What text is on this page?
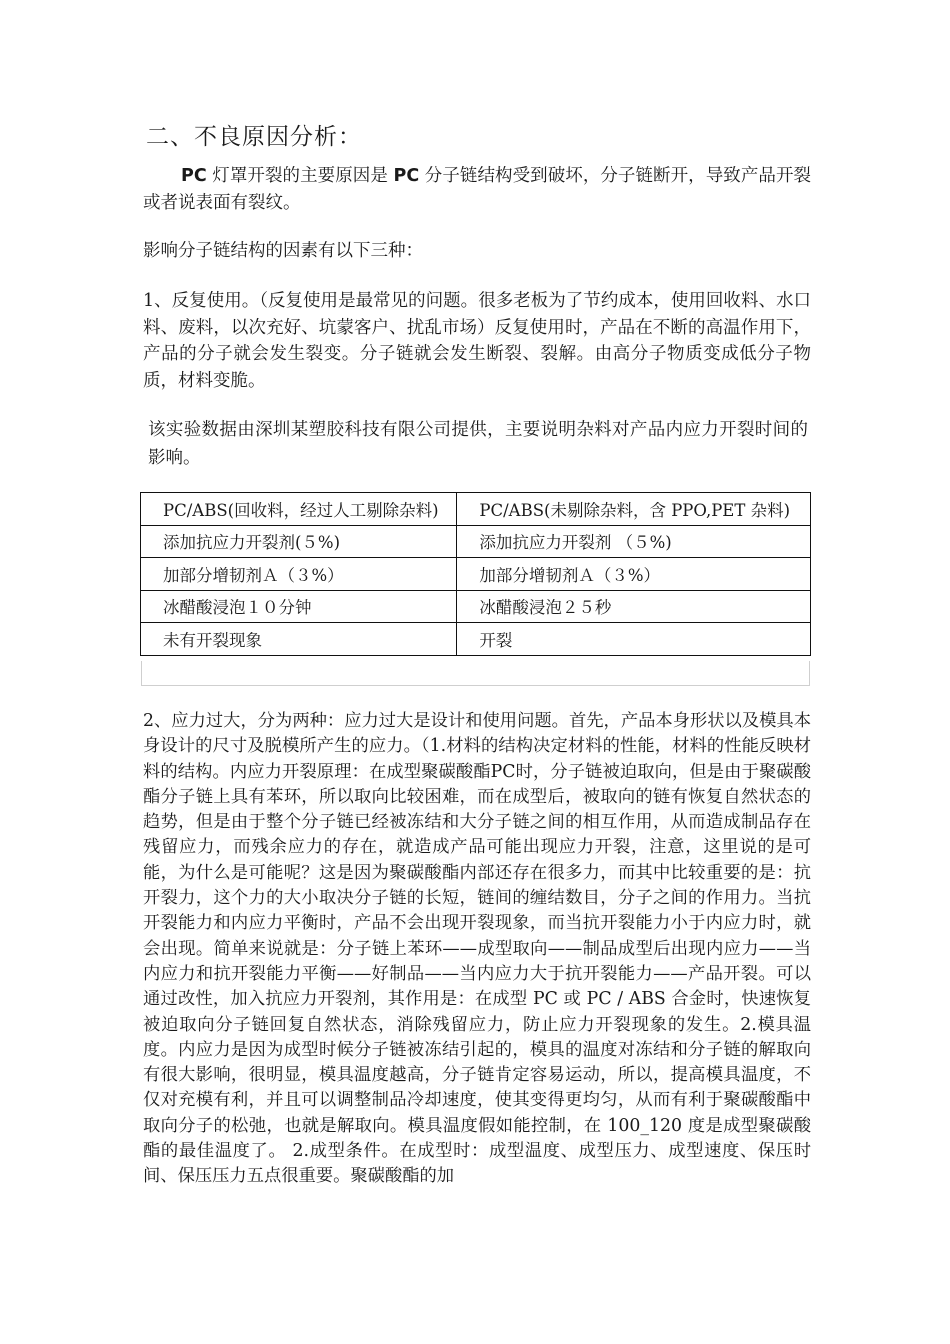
二、不良原因分析：
PC 灯罩开裂的主要原因是 PC 分子链结构受到破坏，分子链断开，导致产品开裂或者说表面有裂纹。
影响分子链结构的因素有以下三种：
1、反复使用。（反复使用是最常见的问题。很多老板为了节约成本，使用回收料、水口料、废料，以次充好、坑蒙客户、扰乱市场）反复使用时，产品在不断的高温作用下，产品的分子就会发生裂变。分子链就会发生断裂、裂解。由高分子物质变成低分子物质，材料变脆。
该实验数据由深圳某塑胶科技有限公司提供，主要说明杂料对产品内应力开裂时间的影响。
PC/ABS(回收料，经过人工剔除杂料)	PC/ABS(未剔除杂料，含 PPO,PET 杂料)
添加抗应力开裂剂(５%)	添加抗应力开裂剂 （５%)
加部分增韧剂Ａ（３%）	加部分增韧剂Ａ（３%）
冰醋酸浸泡１０分钟	冰醋酸浸泡２５秒
未有开裂现象	开裂
2、应力过大，分为两种：应力过大是设计和使用问题。首先，产品本身形状以及模具本身设计的尺寸及脱模所产生的应力。（1.材料的结构决定材料的性能，材料的性能反映材料的结构。内应力开裂原理：在成型聚碳酸酯PC时，分子链被迫取向，但是由于聚碳酸酯分子链上具有苯环，所以取向比较困难，而在成型后，被取向的链有恢复自然状态的趋势，但是由于整个分子链已经被冻结和大分子链之间的相互作用，从而造成制品存在残留应力，而残余应力的存在，就造成产品可能出现应力开裂，注意，这里说的是可能，为什么是可能呢？这是因为聚碳酸酯内部还存在很多力，而其中比较重要的是：抗开裂力，这个力的大小取决分子链的长短，链间的缠结数目，分子之间的作用力。当抗开裂能力和内应力平衡时，产品不会出现开裂现象，而当抗开裂能力小于内应力时，就会出现。简单来说就是：分子链上苯环——成型取向——制品成型后出现内应力——当内应力和抗开裂能力平衡——好制品——当内应力大于抗开裂能力——产品开裂。可以通过改性，加入抗应力开裂剂，其作用是：在成型 PC 或 PC / ABS 合金时，快速恢复被迫取向分子链回复自然状态，消除残留应力，防止应力开裂现象的发生。2.模具温度。内应力是因为成型时候分子链被冻结引起的，模具的温度对冻结和分子链的解取向有很大影响，很明显，模具温度越高，分子链肯定容易运动，所以，提高模具温度，不仅对充模有利，并且可以调整制品冷却速度，使其变得更均匀，从而有利于聚碳酸酯中取向分子的松弛，也就是解取向。模具温度假如能控制，在 100_120 度是成型聚碳酸酯的最佳温度了。 2.成型条件。在成型时：成型温度、成型压力、成型速度、保压时间、保压压力五点很重要。聚碳酸酯的加
